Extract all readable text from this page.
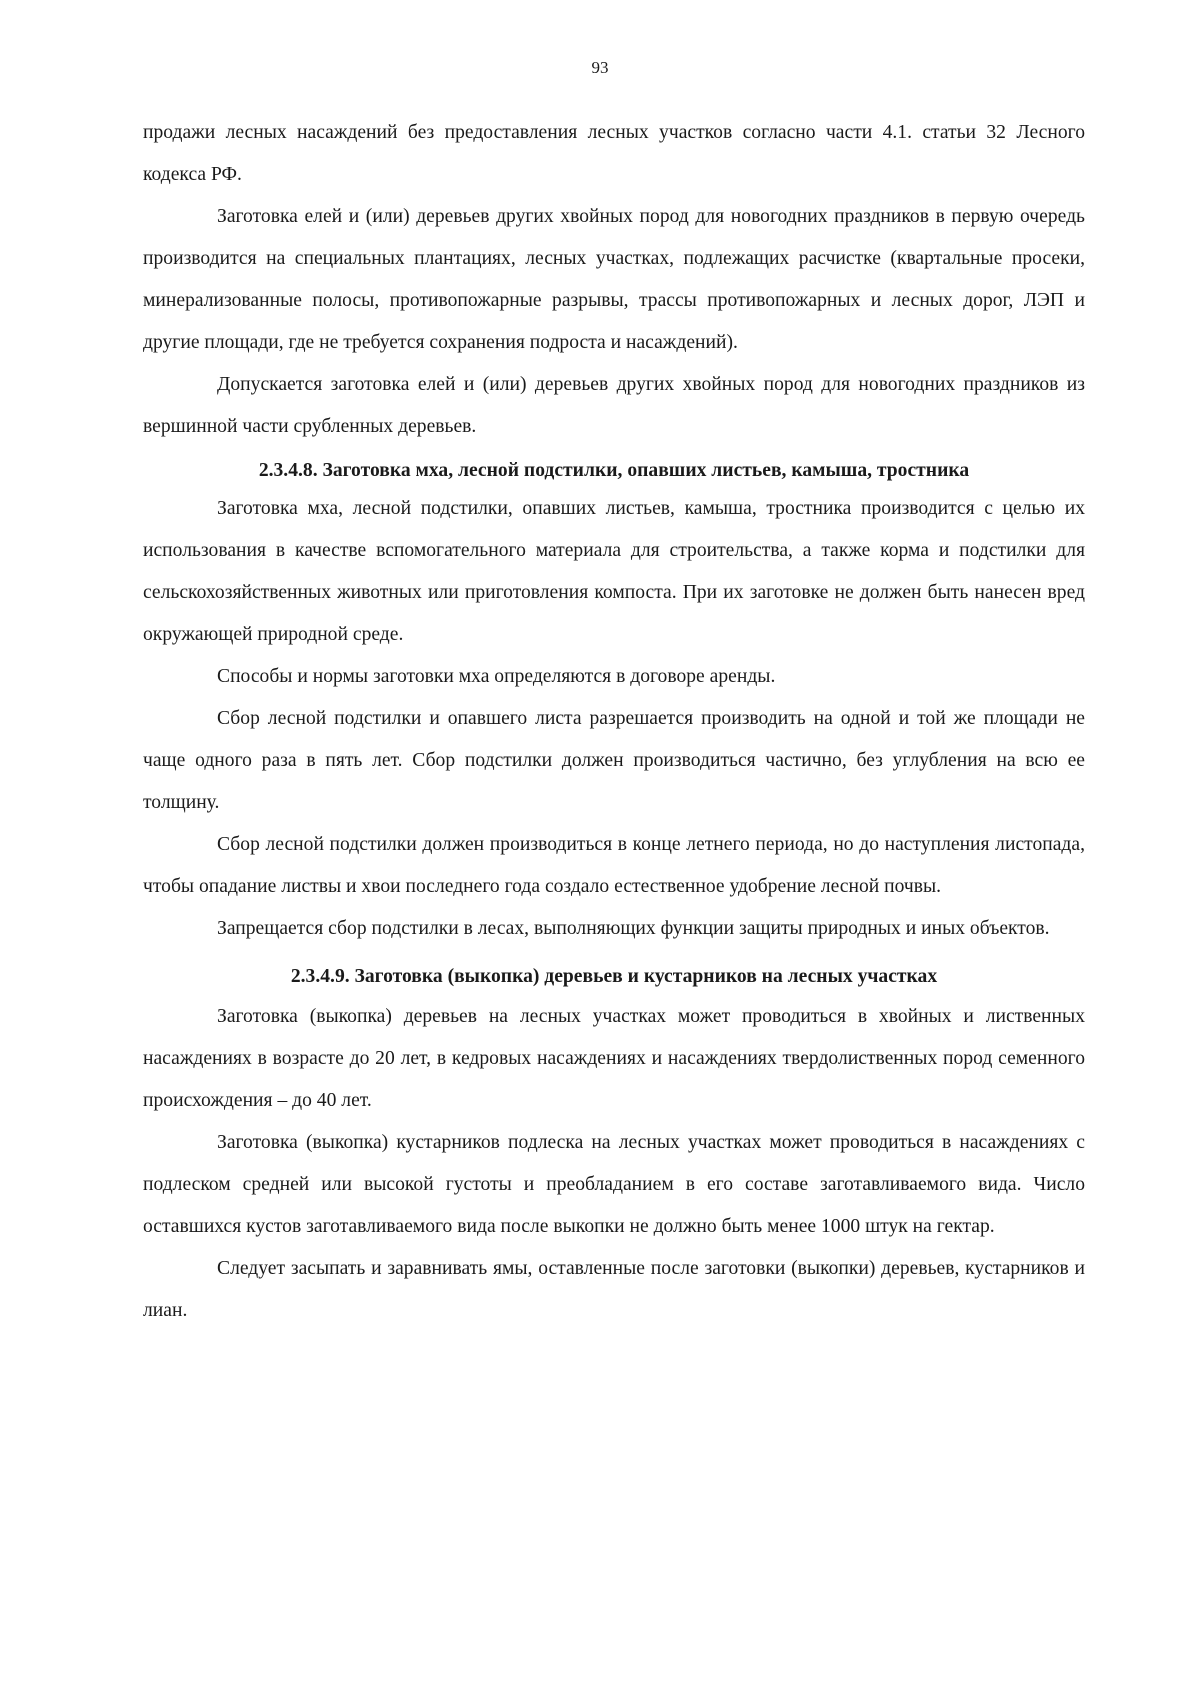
93

продажи лесных насаждений без предоставления лесных участков согласно части 4.1. статьи 32 Лесного кодекса РФ.

Заготовка елей и (или) деревьев других хвойных пород для новогодних праздников в первую очередь производится на специальных плантациях, лесных участках, подлежащих расчистке (квартальные просеки, минерализованные полосы, противопожарные разрывы, трассы противопожарных и лесных дорог, ЛЭП и другие площади, где не требуется сохранения подроста и насаждений).

Допускается заготовка елей и (или) деревьев других хвойных пород для новогодних праздников из вершинной части срубленных деревьев.

2.3.4.8. Заготовка мха, лесной подстилки, опавших листьев, камыша, тростника

Заготовка мха, лесной подстилки, опавших листьев, камыша, тростника производится с целью их использования в качестве вспомогательного материала для строительства, а также корма и подстилки для сельскохозяйственных животных или приготовления компоста. При их заготовке не должен быть нанесен вред окружающей природной среде.

Способы и нормы заготовки мха определяются в договоре аренды.

Сбор лесной подстилки и опавшего листа разрешается производить на одной и той же площади не чаще одного раза в пять лет. Сбор подстилки должен производиться частично, без углубления на всю ее толщину.

Сбор лесной подстилки должен производиться в конце летнего периода, но до наступления листопада, чтобы опадание листвы и хвои последнего года создало естественное удобрение лесной почвы.

Запрещается сбор подстилки в лесах, выполняющих функции защиты природных и иных объектов.

2.3.4.9. Заготовка (выкопка) деревьев и кустарников на лесных участках

Заготовка (выкопка) деревьев на лесных участках может проводиться в хвойных и лиственных насаждениях в возрасте до 20 лет, в кедровых насаждениях и насаждениях твердолиственных пород семенного происхождения – до 40 лет.

Заготовка (выкопка) кустарников подлеска на лесных участках может проводиться в насаждениях с подлеском средней или высокой густоты и преобладанием в его составе заготавливаемого вида. Число оставшихся кустов заготавливаемого вида после выкопки не должно быть менее 1000 штук на гектар.

Следует засыпать и заравнивать ямы, оставленные после заготовки (выкопки) деревьев, кустарников и лиан.
